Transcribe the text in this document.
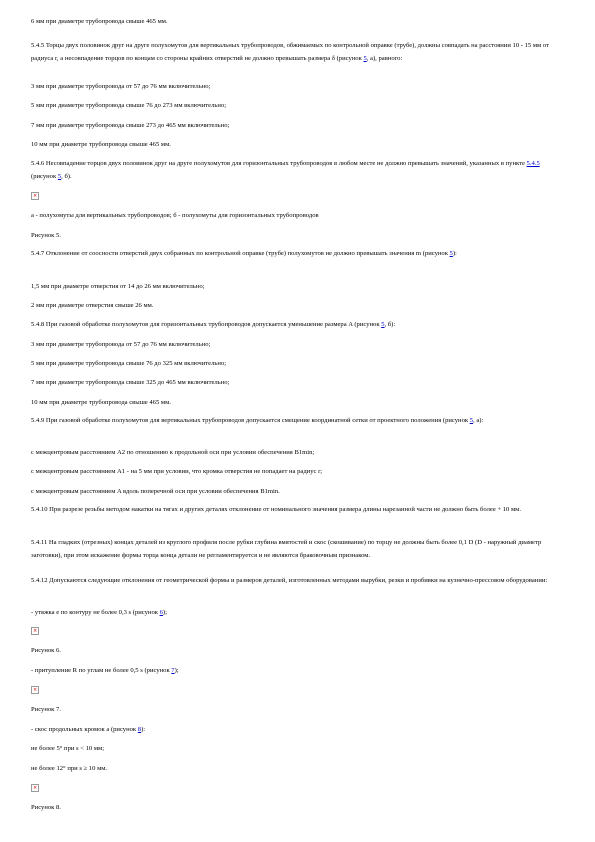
6 мм при диаметре трубопровода свыше 465 мм.
5.4.5 Торцы двух половинок друг на друге полухомутов для вертикальных трубопроводов, обжимаемых по контрольной оправке (трубе), должны совпадать на расстоянии 10 - 15 мм от радиуса r, а несовпадение торцов по концам со стороны крайних отверстий не должно превышать размера δ (рисунок 5, а), равного:
3 мм при диаметре трубопровода от 57 до 76 мм включительно;
5 мм при диаметре трубопровода свыше 76 до 273 мм включительно;
7 мм при диаметре трубопровода свыше 273 до 465 мм включительно;
10 мм при диаметре трубопровода свыше 465 мм.
5.4.6 Несовпадение торцов двух половинок друг на друге полухомутов для горизонтальных трубопроводов в любом месте не должно превышать значений, указанных в пункте 5.4.5 (рисунок 5, б).
×
а - полухомуты для вертикальных трубопроводов; б - полухомуты для горизонтальных трубопроводов
Рисунок 5.
5.4.7 Отклонение от соосности отверстий двух собранных по контрольной оправке (трубе) полухомутов не должно превышать значения m (рисунок 5):
1,5 мм при диаметре отверстия от 14 до 26 мм включительно;
2 мм при диаметре отверстия свыше 26 мм.
5.4.8 При газовой обработке полухомутов для горизонтальных трубопроводов допускается уменьшение размера A (рисунок 5, б):
3 мм при диаметре трубопровода от 57 до 76 мм включительно;
5 мм при диаметре трубопровода свыше 76 до 325 мм включительно;
7 мм при диаметре трубопровода свыше 325 до 465 мм включительно;
10 мм при диаметре трубопровода свыше 465 мм.
5.4.9 При газовой обработке полухомутов для вертикальных трубопроводов допускается смещение координатной сетки от проектного положения (рисунок 5, а):
с межцентровым расстоянием A2 по отношению к продольной оси при условии обеспечения B1min;
с межцентровым расстоянием A1 - на 5 мм при условии, что кромка отверстия не попадает на радиус r;
с межцентровым расстоянием A вдоль поперечной оси при условии обеспечения B1min.
5.4.10 При разрезе резьбы методом накатки на тягах и других деталях отклонение от номинального значения размера длины нарезанной части не должно быть более + 10 мм.
5.4.11 На гладких (отрезных) концах деталей из круглого профиля после рубки глубина вмятостей и скос (скошивание) по торцу не должны быть более 0,1 D (D - наружный диаметр заготовки), при этом искажение формы торца конца детали не регламентируется и не являются браковочным признаком.
5.4.12 Допускаются следующие отклонения от геометрической формы и размеров деталей, изготовленных методами вырубки, резки и пробивки на кузнечно-прессовом оборудовании:
- утяжка e по контуру не более 0,3 s (рисунок 6);
×
Рисунок 6.
- притупление R по углам не более 0,5 s (рисунок 7);
×
Рисунок 7.
- скос продольных кромок a (рисунок 8):
не более 5° при s < 10 мм;
не более 12° при s ≥ 10 мм.
×
Рисунок 8.
